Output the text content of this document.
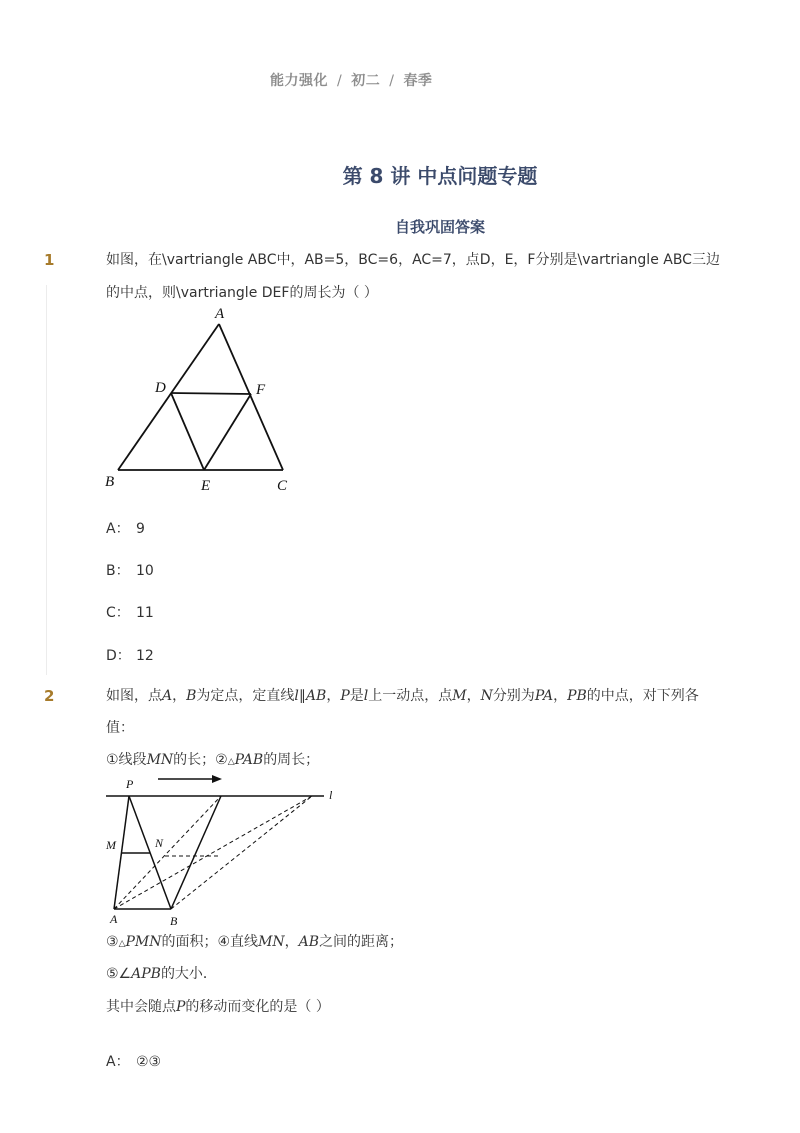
能力强化 / 初二 / 春季
第 8 讲 中点问题专题
自我巩固答案
1	如图，在\vartriangle ABC中，AB=5，BC=6，AC=7，点D，E，F分别是\vartriangle ABC三边
的中点，则\vartriangle DEF的周长为（ ）
A
D	F
B	E	C
A： 9
B： 10
C： 11
D： 12
2	如图，点A，B为定点，定直线l∥AB，P是l上一动点，点M，N分别为PA，PB的中点，对下列各
值：
①线段MN的长；②△PAB的周长；
P
l
M	N
A	B
③△PMN的面积；④直线MN，AB之间的距离；
⑤∠APB的大小．
其中会随点P的移动而变化的是（ ）
A： ②③
